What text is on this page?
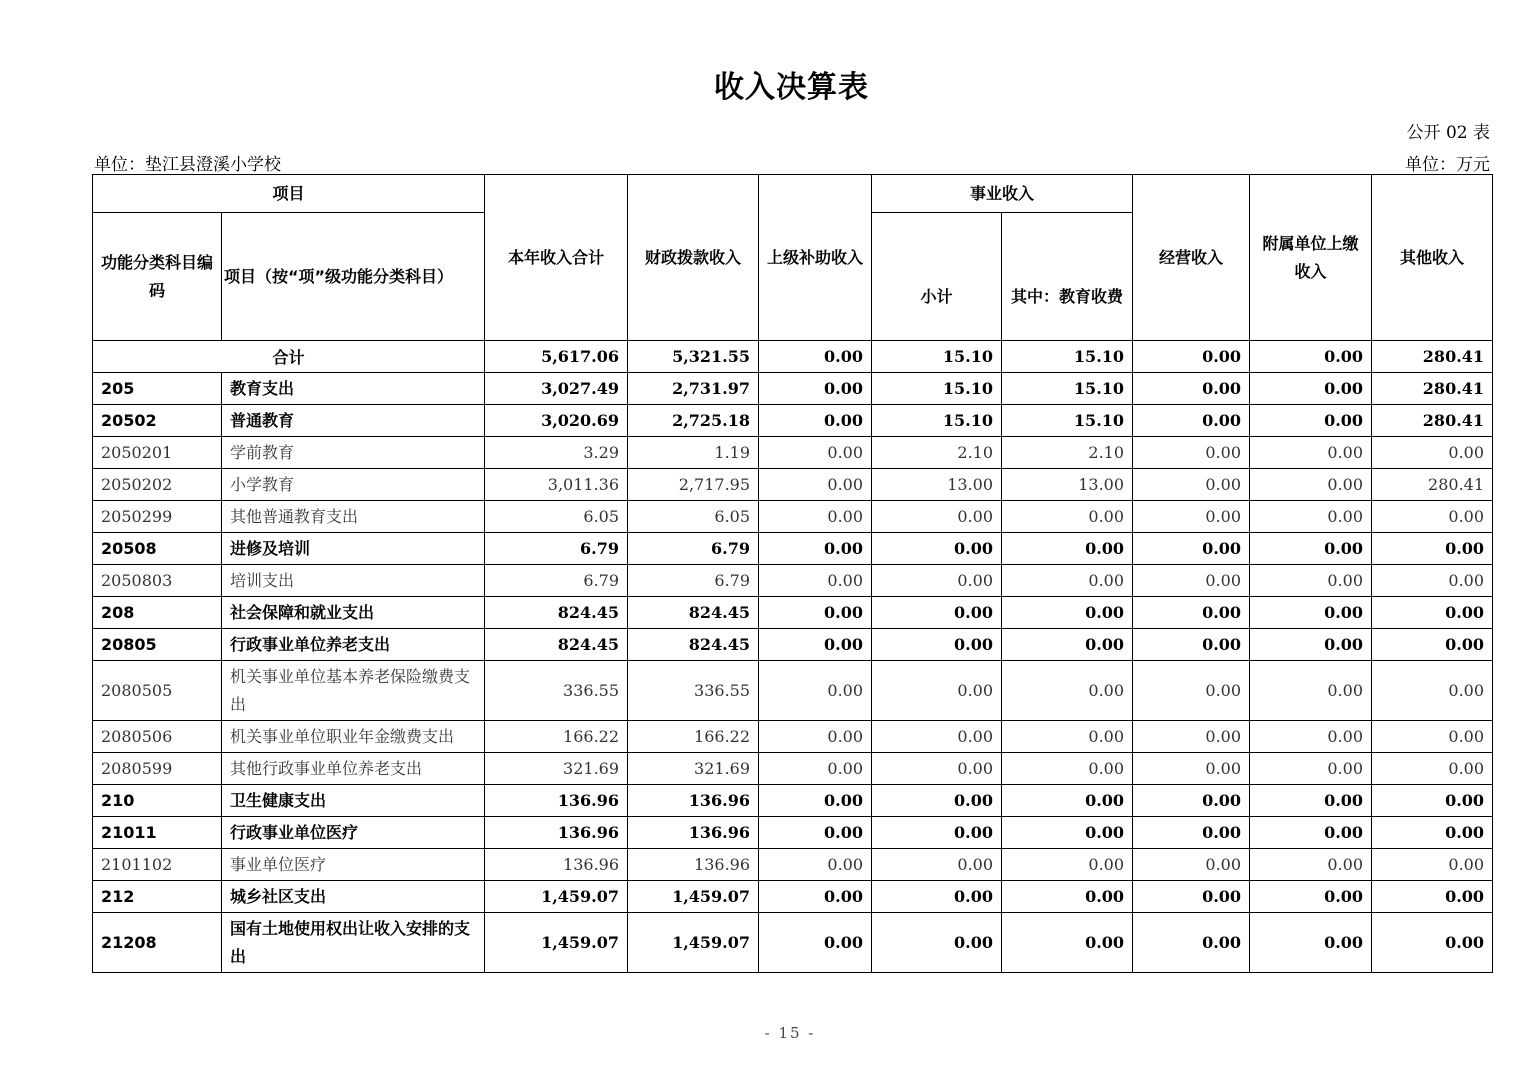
收入决算表
公开 02 表
单位：垫江县澄溪小学校	单位：万元
项目		本年收入合计	财政拨款收入	上级补助收入	事业收入		经营收入	附属单位上缴收入	其他收入
功能分类科目编码	项目（按“项”级功能分类科目）				小计	其中：教育收费			
合计		5,617.06	5,321.55	0.00	15.10	15.10	0.00	0.00	280.41
205	教育支出	3,027.49	2,731.97	0.00	15.10	15.10	0.00	0.00	280.41
20502	普通教育	3,020.69	2,725.18	0.00	15.10	15.10	0.00	0.00	280.41
2050201	学前教育	3.29	1.19	0.00	2.10	2.10	0.00	0.00	0.00
2050202	小学教育	3,011.36	2,717.95	0.00	13.00	13.00	0.00	0.00	280.41
2050299	其他普通教育支出	6.05	6.05	0.00	0.00	0.00	0.00	0.00	0.00
20508	进修及培训	6.79	6.79	0.00	0.00	0.00	0.00	0.00	0.00
2050803	培训支出	6.79	6.79	0.00	0.00	0.00	0.00	0.00	0.00
208	社会保障和就业支出	824.45	824.45	0.00	0.00	0.00	0.00	0.00	0.00
20805	行政事业单位养老支出	824.45	824.45	0.00	0.00	0.00	0.00	0.00	0.00
2080505	机关事业单位基本养老保险缴费支出	336.55	336.55	0.00	0.00	0.00	0.00	0.00	0.00
2080506	机关事业单位职业年金缴费支出	166.22	166.22	0.00	0.00	0.00	0.00	0.00	0.00
2080599	其他行政事业单位养老支出	321.69	321.69	0.00	0.00	0.00	0.00	0.00	0.00
210	卫生健康支出	136.96	136.96	0.00	0.00	0.00	0.00	0.00	0.00
21011	行政事业单位医疗	136.96	136.96	0.00	0.00	0.00	0.00	0.00	0.00
2101102	事业单位医疗	136.96	136.96	0.00	0.00	0.00	0.00	0.00	0.00
212	城乡社区支出	1,459.07	1,459.07	0.00	0.00	0.00	0.00	0.00	0.00
21208	国有土地使用权出让收入安排的支出	1,459.07	1,459.07	0.00	0.00	0.00	0.00	0.00	0.00
- 15 -
